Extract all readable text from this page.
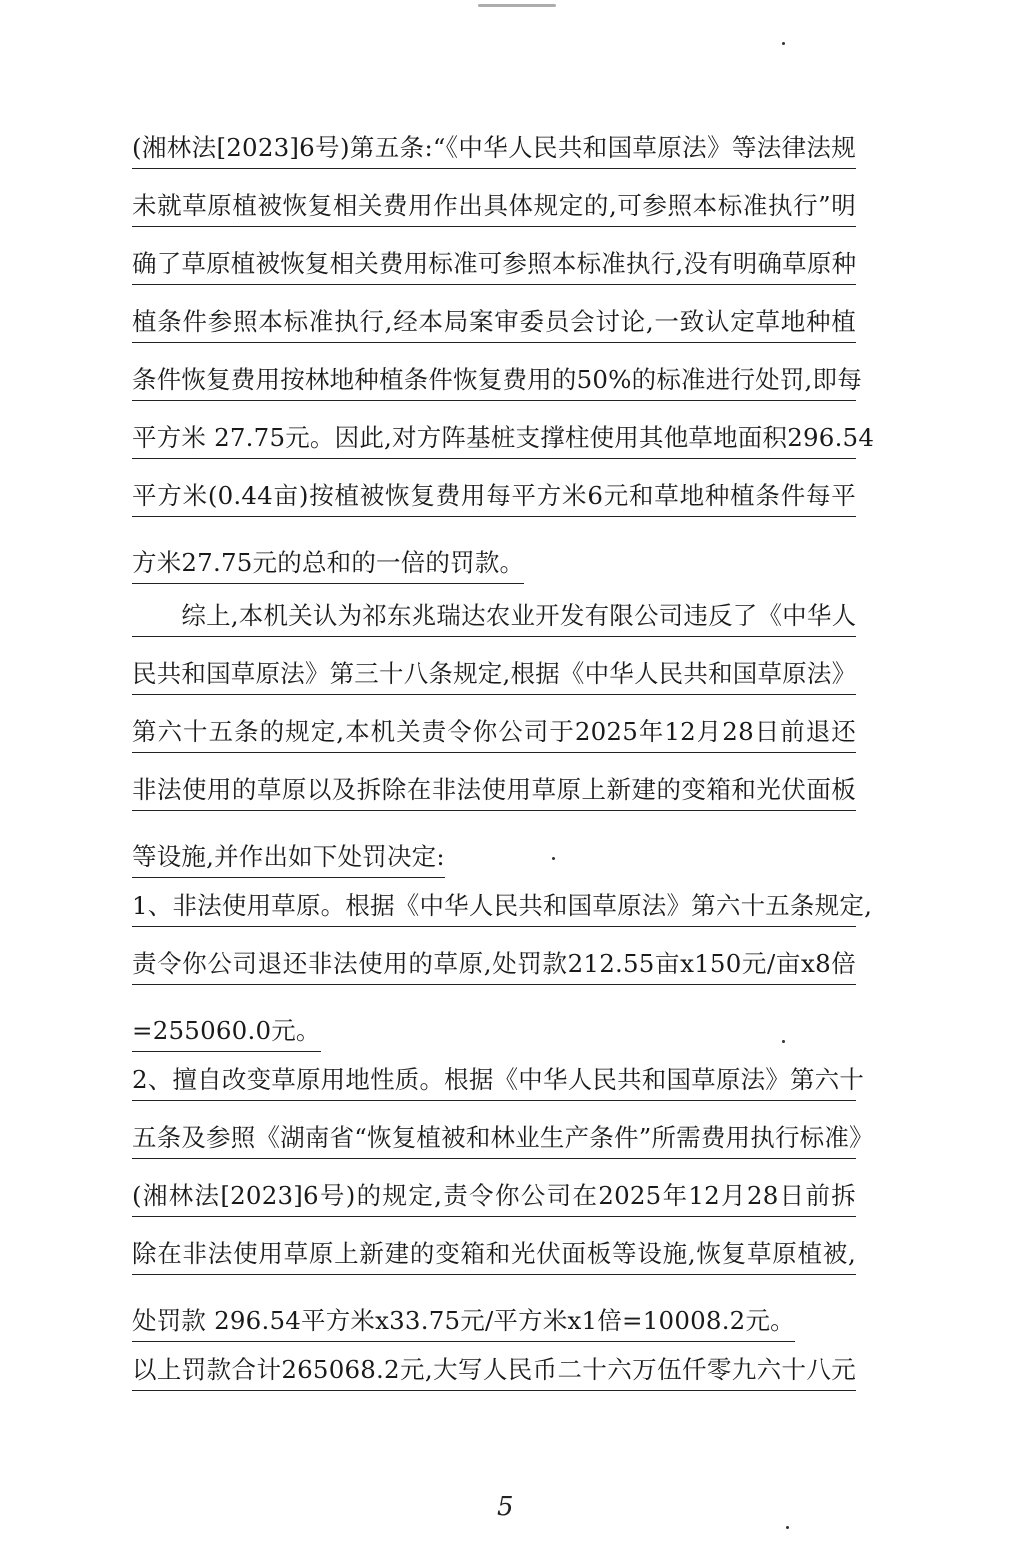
(湘林法[2023]6号)第五条:“《中华人民共和国草原法》等法律法规
未就草原植被恢复相关费用作出具体规定的,可参照本标准执行”明
确了草原植被恢复相关费用标准可参照本标准执行,没有明确草原种
植条件参照本标准执行,经本局案审委员会讨论,一致认定草地种植
条件恢复费用按林地种植条件恢复费用的50%的标准进行处罚,即每
平方米 27.75元。因此,对方阵基桩支撑柱使用其他草地面积296.54
平方米(0.44亩)按植被恢复费用每平方米6元和草地种植条件每平
方米27.75元的总和的一倍的罚款。
　　综上,本机关认为祁东兆瑞达农业开发有限公司违反了《中华人
民共和国草原法》第三十八条规定,根据《中华人民共和国草原法》
第六十五条的规定,本机关责令你公司于2025年12月28日前退还
非法使用的草原以及拆除在非法使用草原上新建的变箱和光伏面板
等设施,并作出如下处罚决定:
1、非法使用草原。根据《中华人民共和国草原法》第六十五条规定,
责令你公司退还非法使用的草原,处罚款212.55亩x150元/亩x8倍
=255060.0元。
2、擅自改变草原用地性质。根据《中华人民共和国草原法》第六十
五条及参照《湖南省“恢复植被和林业生产条件”所需费用执行标准》
(湘林法[2023]6号)的规定,责令你公司在2025年12月28日前拆
除在非法使用草原上新建的变箱和光伏面板等设施,恢复草原植被,
处罚款 296.54平方米x33.75元/平方米x1倍=10008.2元。
以上罚款合计265068.2元,大写人民币二十六万伍仟零九六十八元
5
